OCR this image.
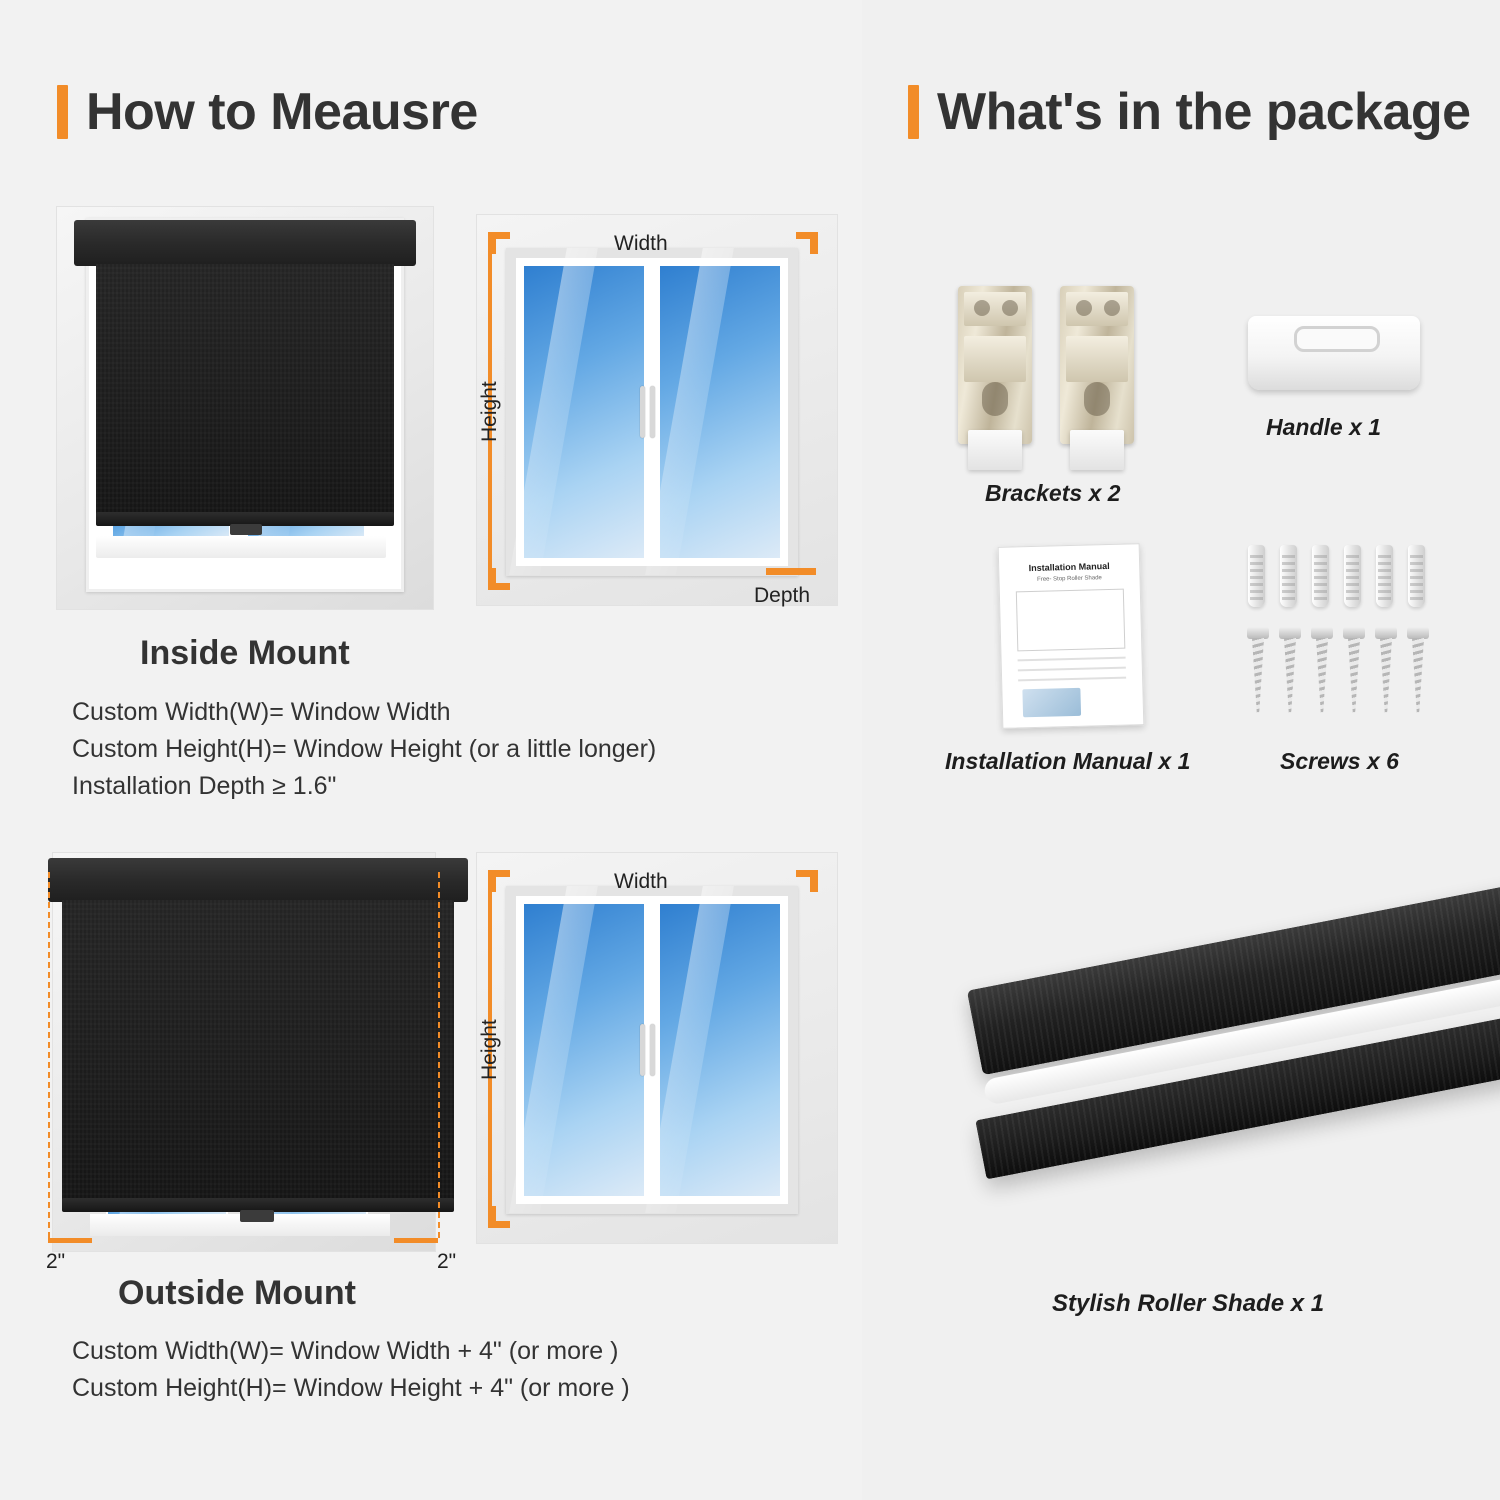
How to Meausre
Width
Height
Depth
Inside Mount
Custom Width(W)= Window Width
Custom Height(H)= Window Height (or a little longer)
Installation Depth ≥ 1.6"
2"	2"
Width
Height
Outside Mount
Custom Width(W)= Window Width + 4" (or more )
Custom Height(H)= Window Height + 4" (or more )
What's in the package
Brackets x 2
Handle x 1
Installation Manual
Free- Stop Roller Shade
Installation Manual x 1	Screws x 6
Stylish Roller Shade x 1
